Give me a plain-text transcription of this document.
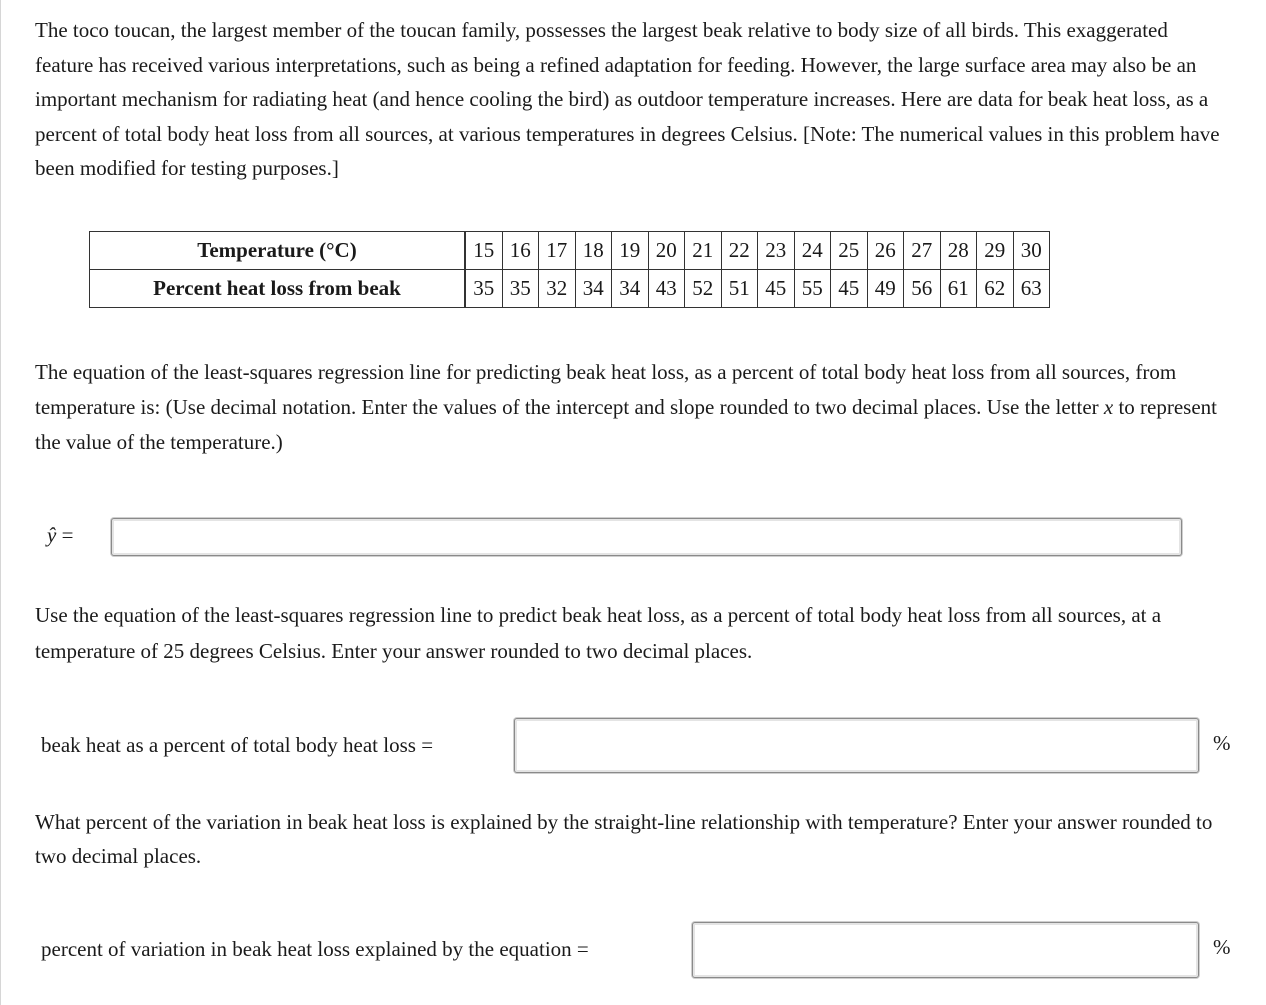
The toco toucan, the largest member of the toucan family, possesses the largest beak relative to body size of all birds. This exaggerated feature has received various interpretations, such as being a refined adaptation for feeding. However, the large surface area may also be an important mechanism for radiating heat (and hence cooling the bird) as outdoor temperature increases. Here are data for beak heat loss, as a percent of total body heat loss from all sources, at various temperatures in degrees Celsius. [Note: The numerical values in this problem have been modified for testing purposes.]

Temperature (°C)	15	16	17	18	19	20	21	22	23	24	25	26	27	28	29	30
Percent heat loss from beak	35	35	32	34	34	43	52	51	45	55	45	49	56	61	62	63

The equation of the least-squares regression line for predicting beak heat loss, as a percent of total body heat loss from all sources, from temperature is: (Use decimal notation. Enter the values of the intercept and slope rounded to two decimal places. Use the letter x to represent the value of the temperature.)

ŷ =

Use the equation of the least-squares regression line to predict beak heat loss, as a percent of total body heat loss from all sources, at a temperature of 25 degrees Celsius. Enter your answer rounded to two decimal places.

beak heat as a percent of total body heat loss =	%

What percent of the variation in beak heat loss is explained by the straight-line relationship with temperature? Enter your answer rounded to two decimal places.

percent of variation in beak heat loss explained by the equation =	%
